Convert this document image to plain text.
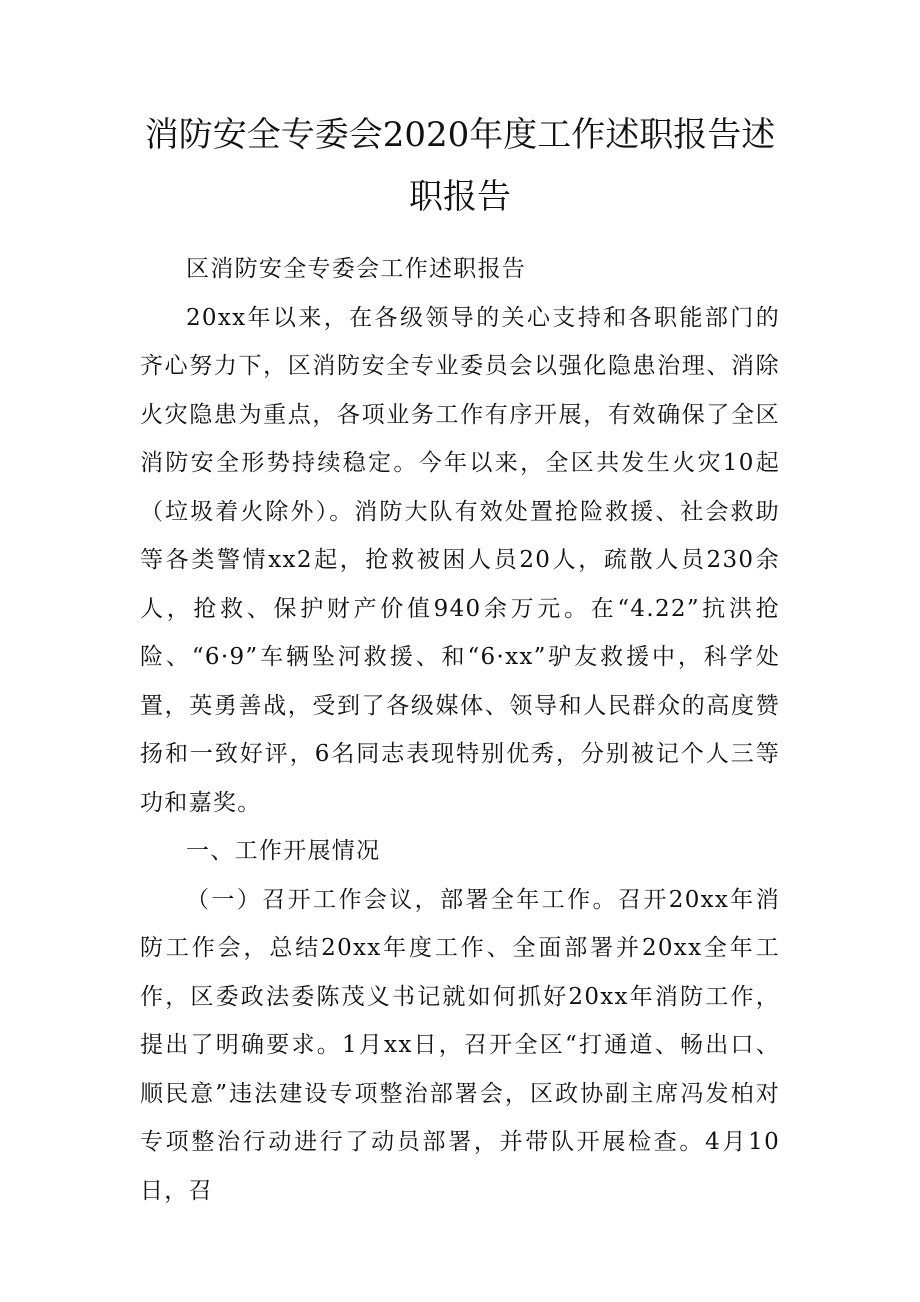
消防安全专委会2020年度工作述职报告述职报告

区消防安全专委会工作述职报告

20xx年以来，在各级领导的关心支持和各职能部门的齐心努力下，区消防安全专业委员会以强化隐患治理、消除火灾隐患为重点，各项业务工作有序开展，有效确保了全区消防安全形势持续稳定。今年以来，全区共发生火灾10起（垃圾着火除外）。消防大队有效处置抢险救援、社会救助等各类警情xx2起，抢救被困人员20人，疏散人员230余人，抢救、保护财产价值940余万元。在“4.22”抗洪抢险、“6·9”车辆坠河救援、和“6·xx”驴友救援中，科学处置，英勇善战，受到了各级媒体、领导和人民群众的高度赞扬和一致好评，6名同志表现特别优秀，分别被记个人三等功和嘉奖。

一、工作开展情况

（一）召开工作会议，部署全年工作。召开20xx年消防工作会，总结20xx年度工作、全面部署并20xx全年工作，区委政法委陈茂义书记就如何抓好20xx年消防工作，提出了明确要求。1月xx日，召开全区“打通道、畅出口、顺民意”违法建设专项整治部署会，区政协副主席冯发柏对专项整治行动进行了动员部署，并带队开展检查。4月10日，召
